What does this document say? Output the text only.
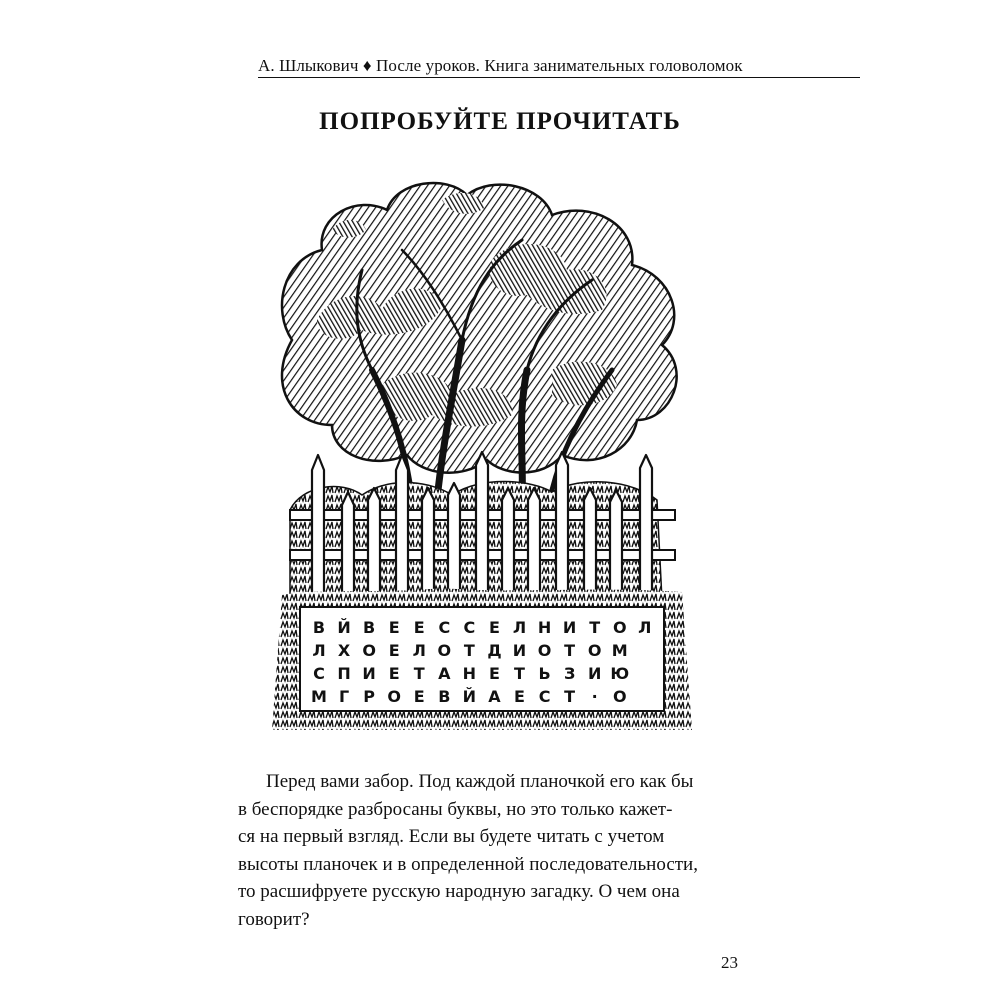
А. Шлыкович ♦ После уроков. Книга занимательных головоломок
ПОПРОБУЙТЕ ПРОЧИТАТЬ
В Й В Е Е С С Е Л Н И Т О Л
Л Х О Е Л О Т Д И О Т О М
С П И Е Т А Н Е Т Ь З И Ю
М Г Р О Е В Й А Е С Т	· О
Перед вами забор. Под каждой планочкой его как бы
в беспорядке разбросаны буквы, но это только кажет-
ся на первый взгляд. Если вы будете читать с учетом
высоты планочек и в определенной последовательности,
то расшифруете русскую народную загадку. О чем она
говорит?
23
